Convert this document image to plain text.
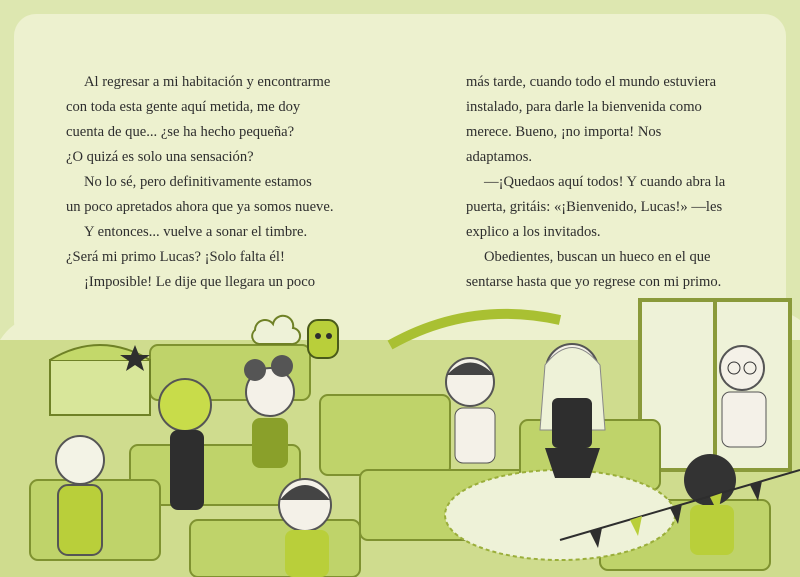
Al regresar a mi habitación y encontrarme

con toda esta gente aquí metida, me doy

cuenta de que... ¿se ha hecho pequeña?

¿O quizá es solo una sensación?

No lo sé, pero definitivamente estamos

un poco apretados ahora que ya somos nueve.

Y entonces... vuelve a sonar el timbre.

¿Será mi primo Lucas? ¡Solo falta él!

¡Imposible! Le dije que llegara un poco

más tarde, cuando todo el mundo estuviera

instalado, para darle la bienvenida como

merece. Bueno, ¡no importa! Nos

adaptamos.

—¡Quedaos aquí todos! Y cuando abra la

puerta, gritáis: «¡Bienvenido, Lucas!» —les

explico a los invitados.

Obedientes, buscan un hueco en el que

sentarse hasta que yo regrese con mi primo.
